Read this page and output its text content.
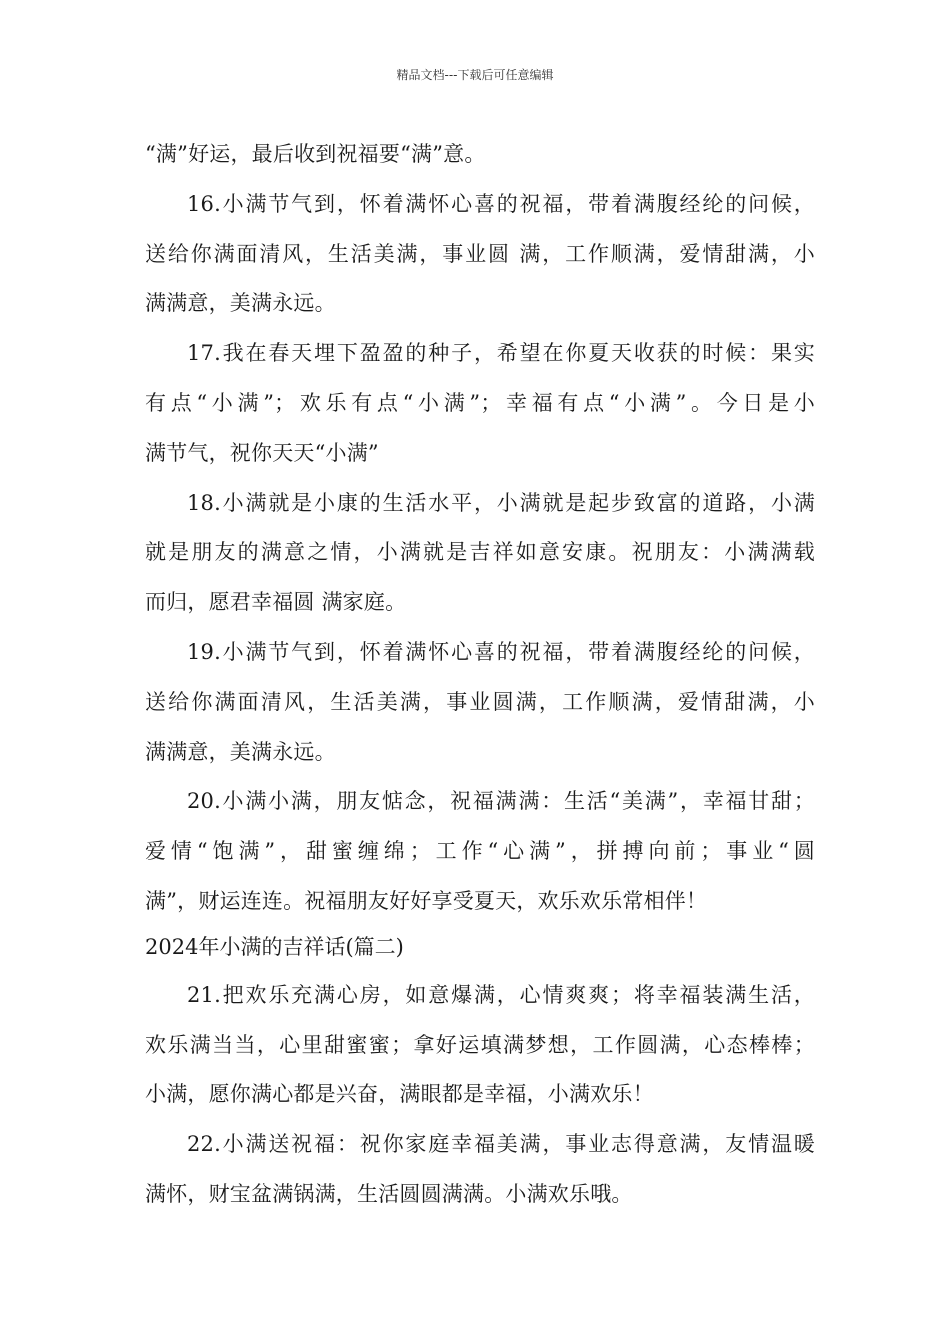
精品文档---下载后可任意编辑
“满”好运，最后收到祝福要“满”意。
16.小满节气到，怀着满怀心喜的祝福，带着满腹经纶的问候，
送给你满面清风，生活美满，事业圆 满，工作顺满，爱情甜满，小
满满意，美满永远。
17.我在春天埋下盈盈的种子，希望在你夏天收获的时候：果实
有点“小满”；欢乐有点“小满”；幸福有点“小满”。今日是小
满节气，祝你天天“小满”
18.小满就是小康的生活水平，小满就是起步致富的道路，小满
就是朋友的满意之情，小满就是吉祥如意安康。祝朋友：小满满载
而归，愿君幸福圆 满家庭。
19.小满节气到，怀着满怀心喜的祝福，带着满腹经纶的问候，
送给你满面清风，生活美满，事业圆满，工作顺满，爱情甜满，小
满满意，美满永远。
20.小满小满，朋友惦念，祝福满满：生活“美满”，幸福甘甜；
爱情“饱满”，甜蜜缠绵；工作“心满”，拼搏向前；事业“圆
满”，财运连连。祝福朋友好好享受夏天，欢乐欢乐常相伴！
2024年小满的吉祥话(篇二)
21.把欢乐充满心房，如意爆满，心情爽爽；将幸福装满生活，
欢乐满当当，心里甜蜜蜜；拿好运填满梦想，工作圆满，心态棒棒；
小满，愿你满心都是兴奋，满眼都是幸福，小满欢乐！
22.小满送祝福：祝你家庭幸福美满，事业志得意满，友情温暖
满怀，财宝盆满锅满，生活圆圆满满。小满欢乐哦。
